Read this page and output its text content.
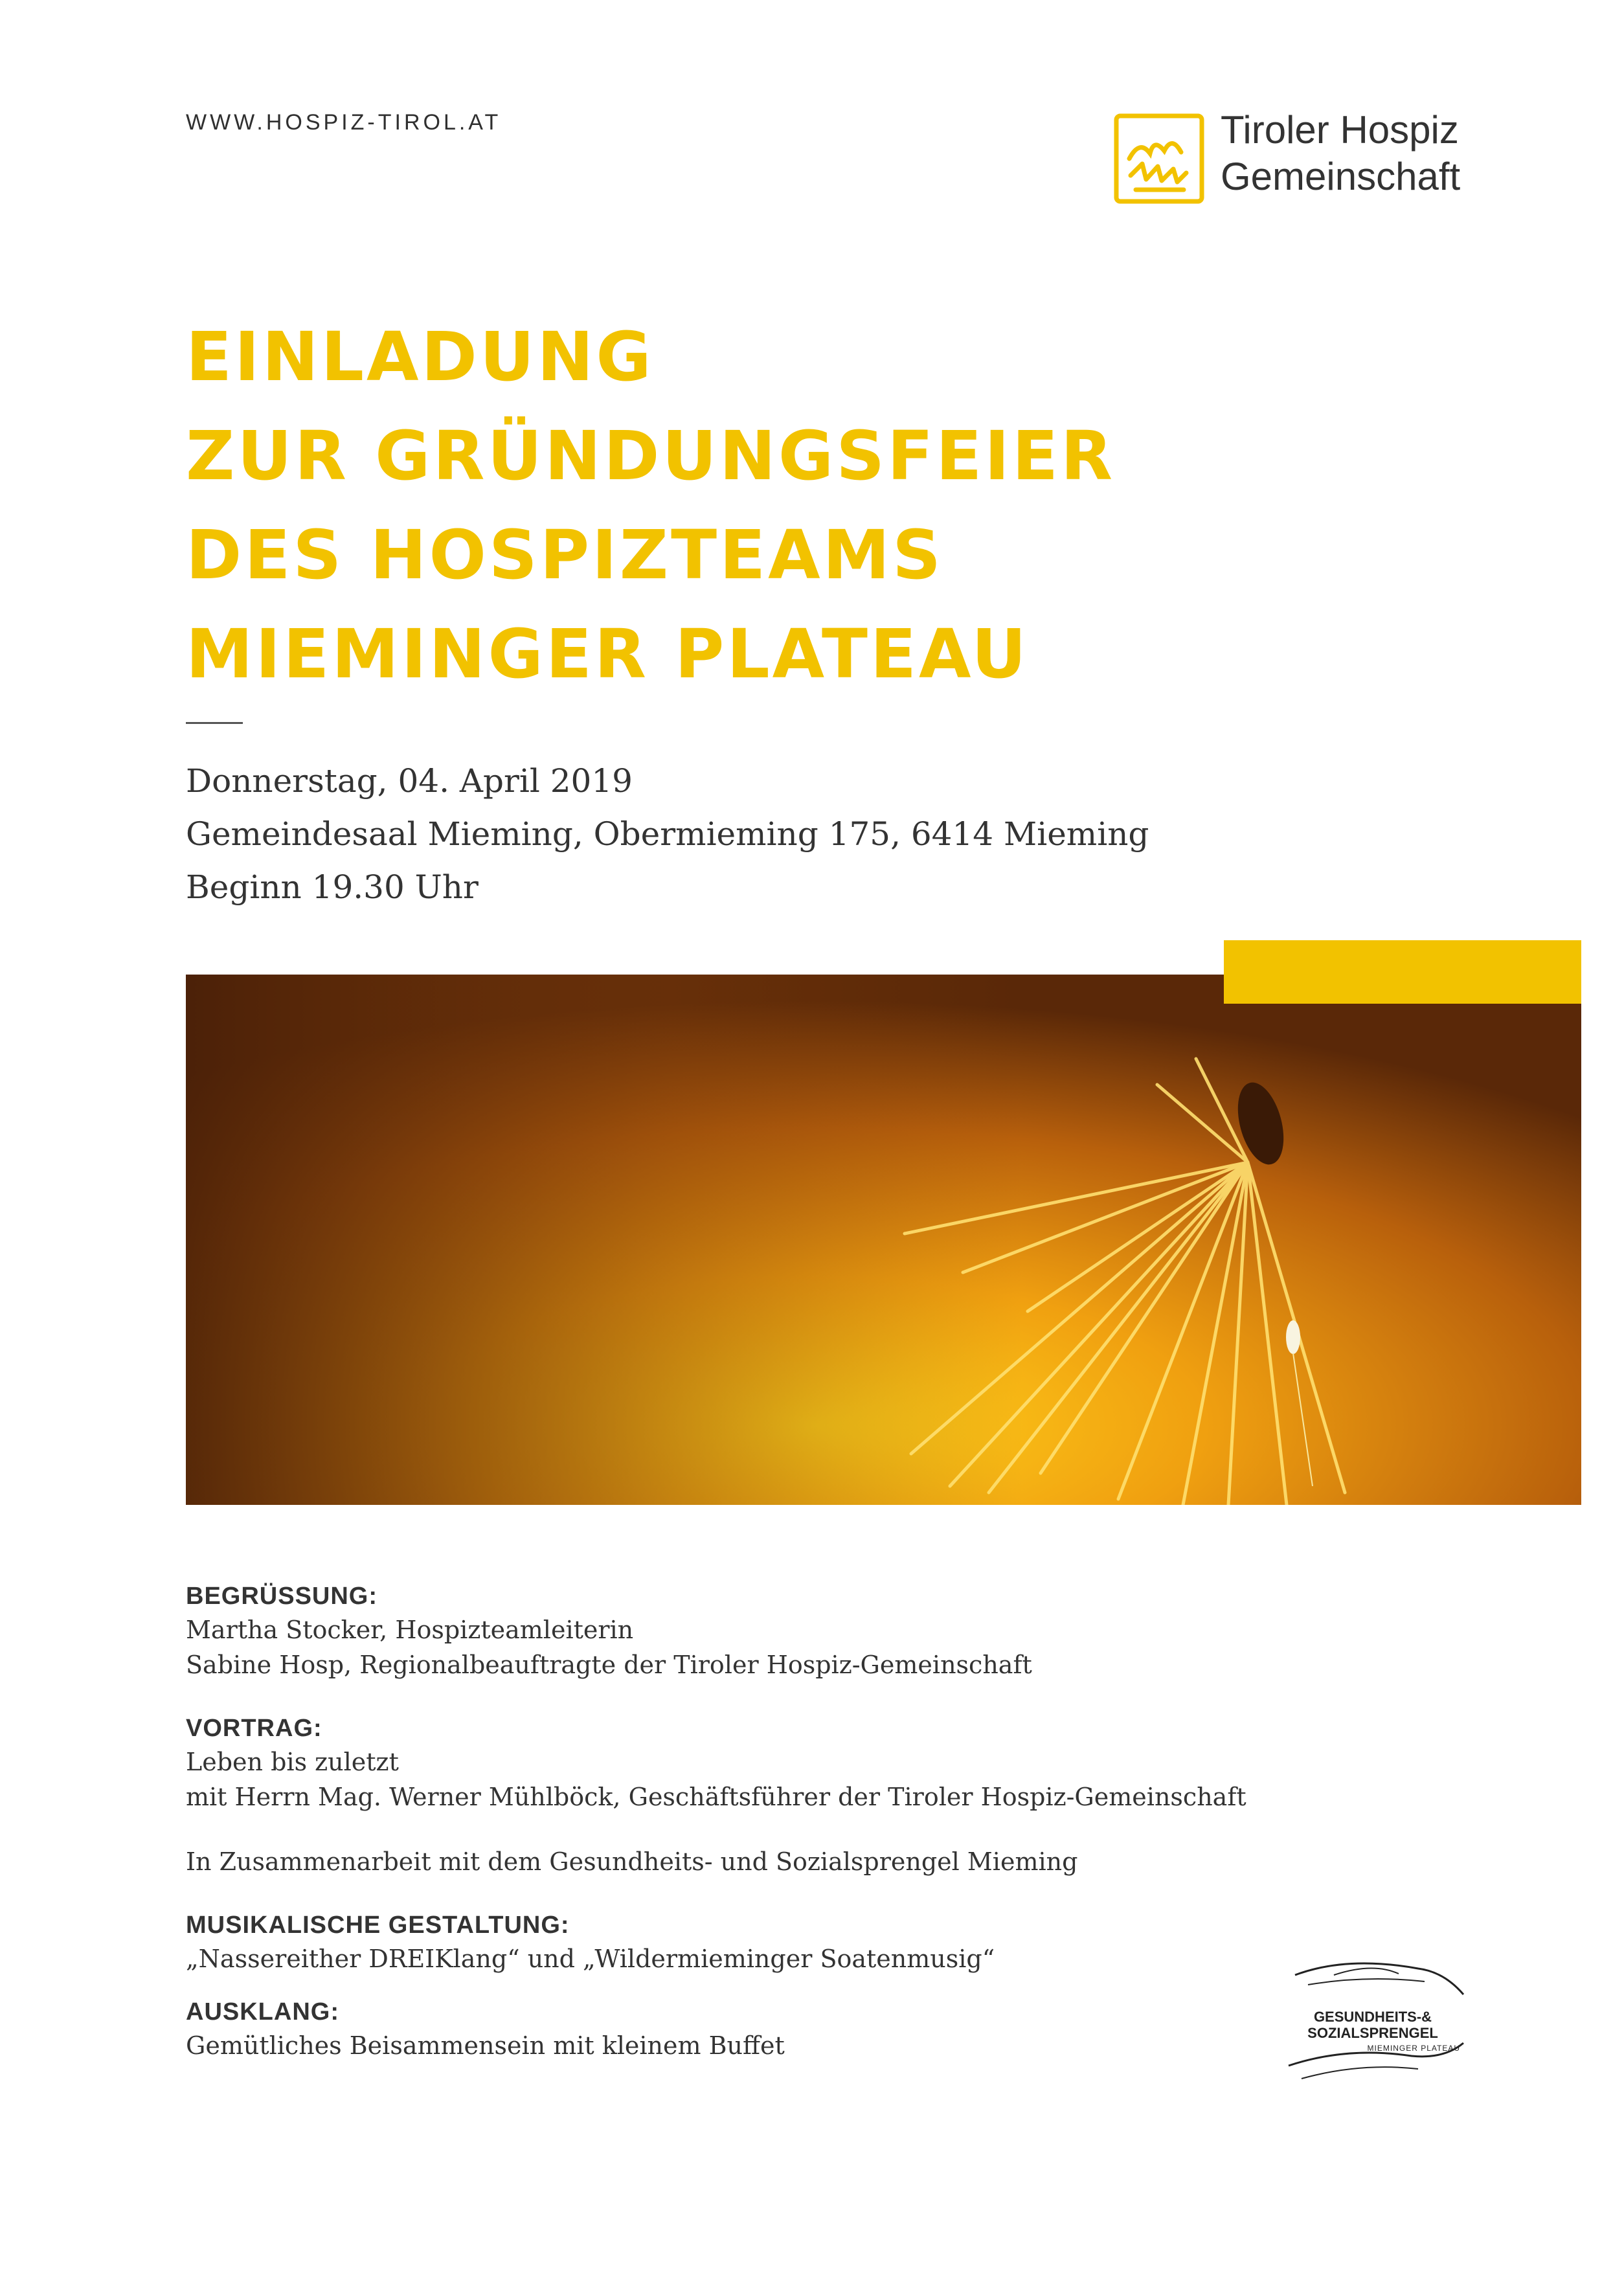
WWW.HOSPIZ-TIROL.AT	Tiroler Hospiz
Gemeinschaft
EINLADUNG
ZUR GRÜNDUNGSFEIER
DES HOSPIZTEAMS
MIEMINGER PLATEAU
Donnerstag, 04. April 2019
Gemeindesaal Mieming, Obermieming 175, 6414 Mieming
Beginn 19.30 Uhr
BEGRÜSSUNG:
Martha Stocker, Hospizteamleiterin
Sabine Hosp, Regionalbeauftragte der Tiroler Hospiz-Gemeinschaft
VORTRAG:
Leben bis zuletzt
mit Herrn Mag. Werner Mühlböck, Geschäftsführer der Tiroler Hospiz-Gemeinschaft
In Zusammenarbeit mit dem Gesundheits- und Sozialsprengel Mieming
MUSIKALISCHE GESTALTUNG:
„Nassereither DREIKlang“ und „Wildermieminger Soatenmusig“
AUSKLANG:
Gemütliches Beisammensein mit kleinem Buffet
GESUNDHEITS-&
SOZIALSPRENGEL
MIEMINGER PLATEAU
